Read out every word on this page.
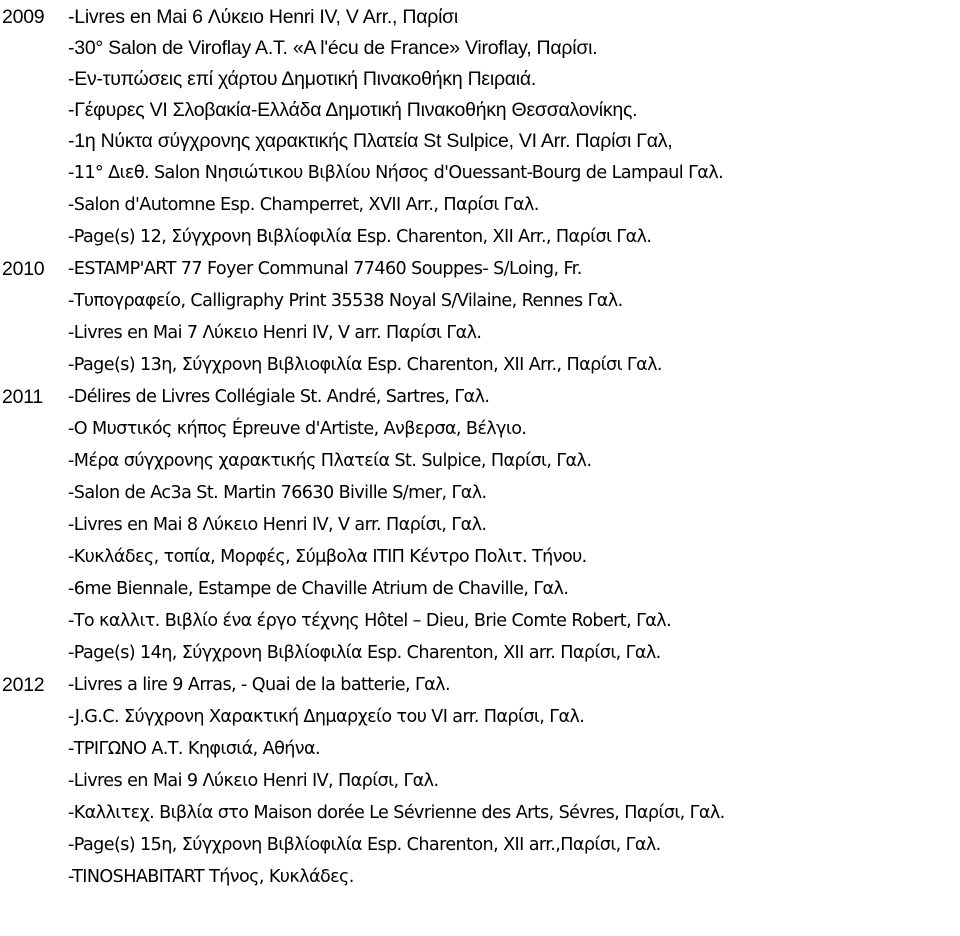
2009	-Livres en Mai 6 Λύκειο Henri IV, V Arr., Παρίσι
-30° Salon de Viroflay A.T. «A l'écu de France» Viroflay, Παρίσι.
-Εν-τυπώσεις επί χάρτου Δημοτική Πινακοθήκη Πειραιά.
-Γέφυρες VI Σλοβακία-Ελλάδα Δημοτική Πινακοθήκη Θεσσαλονίκης.
-1η Νύκτα σύγχρονης χαρακτικής Πλατεία St Sulpice, VI Arr. Παρίσι Γαλ,
-11° Διεθ. Salon Νησιώτικου Βιβλίου Νήσος d'Ouessant-Bourg de Lampaul Γαλ.
-Salon d'Automne Esp. Champerret, XVII Arr., Παρίσι Γαλ.
-Page(s) 12, Σύγχρονη Βιβλίοφιλία Esp. Charenton, XII Arr., Παρίσι Γαλ.
2010	-ESTAMP'ART 77 Foyer Communal 77460 Souppes- S/Loing, Fr.
-Τυπογραφείο, Calligraphy Print 35538 Noyal S/Vilaine, Rennes Γαλ.
-Livres en Mai 7 Λύκειο Henri IV, V arr. Παρίσι Γαλ.
-Page(s) 13η, Σύγχρονη Βιβλιοφιλία Esp. Charenton, XII Arr., Παρίσι Γαλ.
2011	-Délires de Livres Collégiale St. André, Sartres, Γαλ.
-Ο Μυστικός κήπος Épreuve d'Artiste, Ανβερσα, Βέλγιο.
-Μέρα σύγχρονης χαρακτικής Πλατεία St. Sulpice, Παρίσι, Γαλ.
-Salon de Ac3a St. Martin 76630 Biville S/mer, Γαλ.
-Livres en Mai 8 Λύκειο Henri IV, V arr. Παρίσι, Γαλ.
-Κυκλάδες, τοπία, Μορφές, Σύμβολα ΙΤΙΠ Κέντρο Πολιτ. Τήνου.
-6me Biennale, Estampe de Chaville Atrium de Chaville, Γαλ.
-Το καλλιτ. Βιβλίο ένα έργο τέχνης Hôtel – Dieu, Brie Comte Robert, Γαλ.
-Page(s) 14η, Σύγχρονη Βιβλίοφιλία Esp. Charenton, XII arr. Παρίσι, Γαλ.
2012	-Livres a lire 9 Arras, - Quai de la batterie, Γαλ.
-J.G.C. Σύγχρονη Χαρακτική Δημαρχείο του VI arr. Παρίσι, Γαλ.
-ΤΡΙΓΩΝΟ Α.Τ. Κηφισιά, Αθήνα.
-Livres en Mai 9 Λύκειο Henri IV, Παρίσι, Γαλ.
-Καλλιτεχ. Βιβλία στο Maison dorée Le Sévrienne des Arts, Sévres, Παρίσι, Γαλ.
-Page(s) 15η, Σύγχρονη Βιβλίοφιλία Esp. Charenton, XII arr.,Παρίσι, Γαλ.
-TINOSHABITART Τήνος, Κυκλάδες.
